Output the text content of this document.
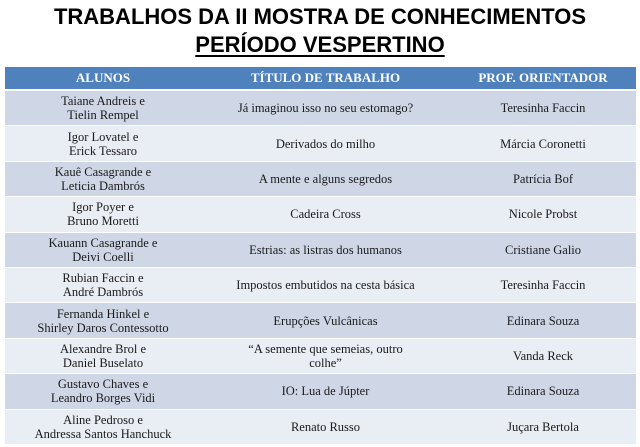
TRABALHOS DA II MOSTRA DE CONHECIMENTOS
PERÍODO VESPERTINO
ALUNOS	TÍTULO DE TRABALHO	PROF. ORIENTADOR

Taiane Andreis e
Tielin Rempel	Já imaginou isso no seu estomago?	Teresinha Faccin

Igor Lovatel e
Erick Tessaro	Derivados do milho	Márcia Coronetti

Kauê Casagrande e
Leticia Dambrós	A mente e alguns segredos	Patrícia Bof

Igor Poyer e
Bruno Moretti	Cadeira Cross	Nicole Probst

Kauann Casagrande e
Deivi Coelli	Estrias: as listras dos humanos	Cristiane Galio

Rubian Faccin e
André Dambrós	Impostos embutidos na cesta básica	Teresinha Faccin

Fernanda Hinkel e
Shirley Daros Contessotto	Erupções Vulcânicas	Edinara Souza

Alexandre Brol e
Daniel Buselato	“A semente que semeias, outro
colhe”	Vanda Reck

Gustavo Chaves e
Leandro Borges Vidi	IO: Lua de Júpter	Edinara Souza

Aline Pedroso e
Andressa Santos Hanchuck	Renato Russo	Juçara Bertola
